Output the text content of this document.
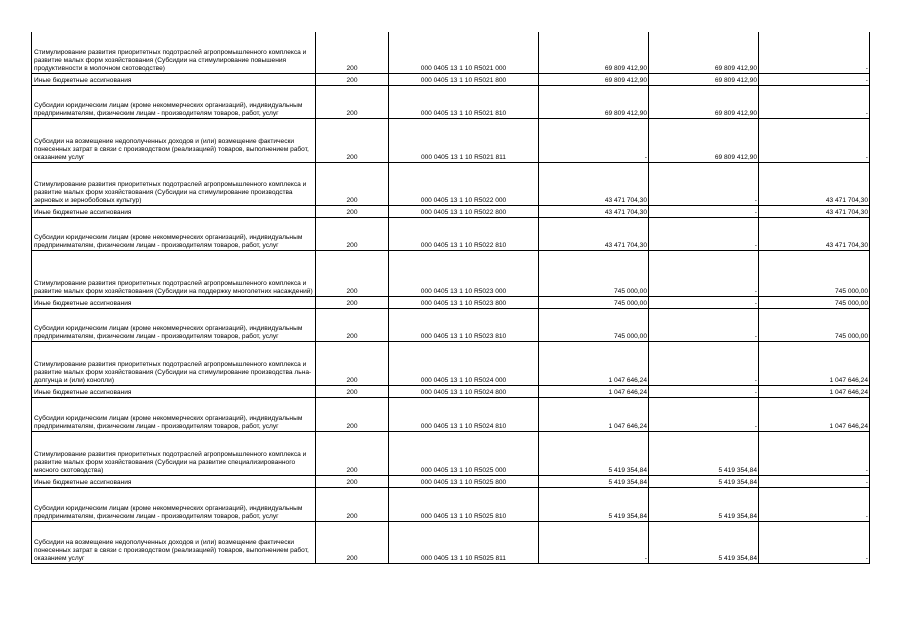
Стимулирование развития приоритетных подотраслей агропромышленного комплекса и развитие малых форм хозяйствования (Субсидии на стимулирование повышения продуктивности в молочном скотоводстве)	200	000 0405 13 1 10 R5021 000	69 809 412,90	69 809 412,90	-
Иные бюджетные ассигнования	200	000 0405 13 1 10 R5021 800	69 809 412,90	69 809 412,90	-
Субсидии юридическим лицам (кроме некоммерческих организаций), индивидуальным предпринимателям, физическим лицам - производителям товаров, работ, услуг	200	000 0405 13 1 10 R5021 810	69 809 412,90	69 809 412,90	-
Субсидии на возмещение недополученных доходов и (или) возмещение фактически понесенных затрат в связи с производством (реализацией) товаров, выполнением работ, оказанием услуг	200	000 0405 13 1 10 R5021 811	-	69 809 412,90	-
Стимулирование развития приоритетных подотраслей агропромышленного комплекса и развитие малых форм хозяйствования (Субсидии на стимулирование производства зерновых и зернобобовых культур)	200	000 0405 13 1 10 R5022 000	43 471 704,30	-	43 471 704,30
Иные бюджетные ассигнования	200	000 0405 13 1 10 R5022 800	43 471 704,30	-	43 471 704,30
Субсидии юридическим лицам (кроме некоммерческих организаций), индивидуальным предпринимателям, физическим лицам - производителям товаров, работ, услуг	200	000 0405 13 1 10 R5022 810	43 471 704,30	-	43 471 704,30
Стимулирование развития приоритетных подотраслей агропромышленного комплекса и развитие малых форм хозяйствования (Субсидии на поддержку многолетних насаждений)	200	000 0405 13 1 10 R5023 000	745 000,00	-	745 000,00
Иные бюджетные ассигнования	200	000 0405 13 1 10 R5023 800	745 000,00	-	745 000,00
Субсидии юридическим лицам (кроме некоммерческих организаций), индивидуальным предпринимателям, физическим лицам - производителям товаров, работ, услуг	200	000 0405 13 1 10 R5023 810	745 000,00	-	745 000,00
Стимулирование развития приоритетных подотраслей агропромышленного комплекса и развитие малых форм хозяйствования (Субсидии на стимулирование производства льна-долгунца и (или) конопли)	200	000 0405 13 1 10 R5024 000	1 047 646,24	-	1 047 646,24
Иные бюджетные ассигнования	200	000 0405 13 1 10 R5024 800	1 047 646,24	-	1 047 646,24
Субсидии юридическим лицам (кроме некоммерческих организаций), индивидуальным предпринимателям, физическим лицам - производителям товаров, работ, услуг	200	000 0405 13 1 10 R5024 810	1 047 646,24	-	1 047 646,24
Стимулирование развития приоритетных подотраслей агропромышленного комплекса и развитие малых форм хозяйствования (Субсидии на развитие специализированного мясного скотоводства)	200	000 0405 13 1 10 R5025 000	5 419 354,84	5 419 354,84	-
Иные бюджетные ассигнования	200	000 0405 13 1 10 R5025 800	5 419 354,84	5 419 354,84	-
Субсидии юридическим лицам (кроме некоммерческих организаций), индивидуальным предпринимателям, физическим лицам - производителям товаров, работ, услуг	200	000 0405 13 1 10 R5025 810	5 419 354,84	5 419 354,84	-
Субсидии на возмещение недополученных доходов и (или) возмещение фактически понесенных затрат в связи с производством (реализацией) товаров, выполнением работ, оказанием услуг	200	000 0405 13 1 10 R5025 811	-	5 419 354,84	-
